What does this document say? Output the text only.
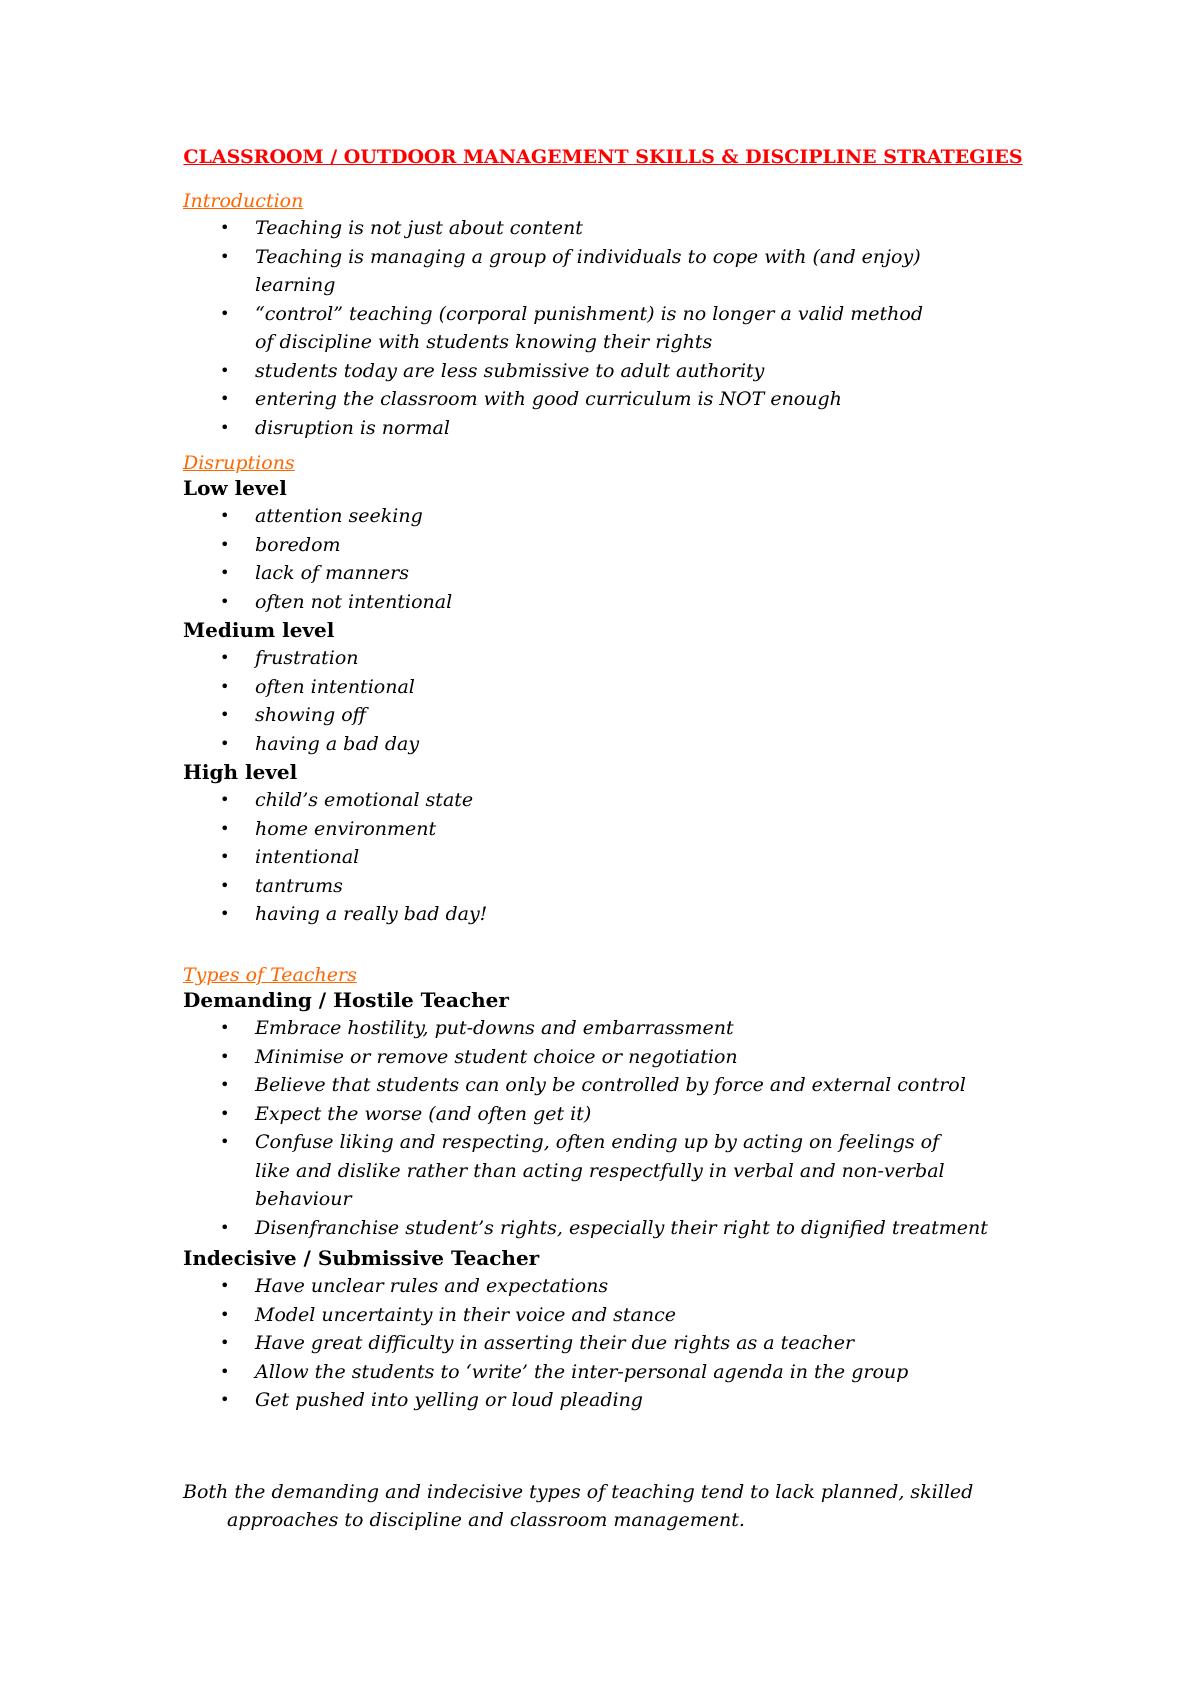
CLASSROOM / OUTDOOR MANAGEMENT SKILLS & DISCIPLINE STRATEGIES
Introduction
• Teaching is not just about content
• Teaching is managing a group of individuals to cope with (and enjoy) learning
• “control” teaching (corporal punishment) is no longer a valid method of discipline with students knowing their rights
• students today are less submissive to adult authority
• entering the classroom with good curriculum is NOT enough
• disruption is normal
Disruptions
Low level
• attention seeking
• boredom
• lack of manners
• often not intentional
Medium level
• frustration
• often intentional
• showing off
• having a bad day
High level
• child’s emotional state
• home environment
• intentional
• tantrums
• having a really bad day!
Types of Teachers
Demanding / Hostile Teacher
• Embrace hostility, put-downs and embarrassment
• Minimise or remove student choice or negotiation
• Believe that students can only be controlled by force and external control
• Expect the worse (and often get it)
• Confuse liking and respecting, often ending up by acting on feelings of like and dislike rather than acting respectfully in verbal and non-verbal behaviour
• Disenfranchise student’s rights, especially their right to dignified treatment
Indecisive / Submissive Teacher
• Have unclear rules and expectations
• Model uncertainty in their voice and stance
• Have great difficulty in asserting their due rights as a teacher
• Allow the students to ‘write’ the inter-personal agenda in the group
• Get pushed into yelling or loud pleading

Both the demanding and indecisive types of teaching tend to lack planned, skilled approaches to discipline and classroom management.
